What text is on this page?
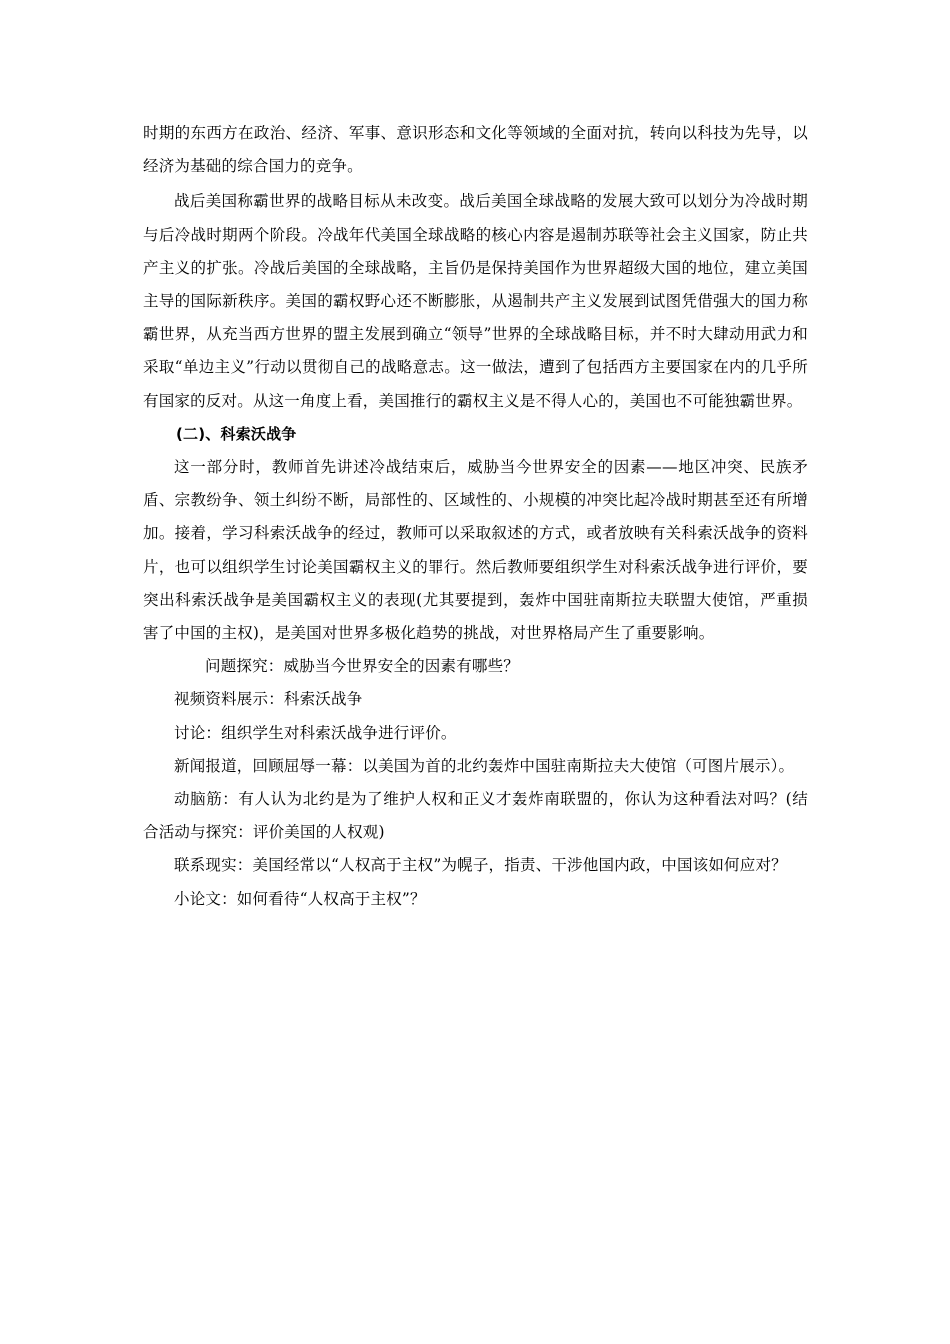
时期的东西方在政治、经济、军事、意识形态和文化等领域的全面对抗，转向以科技为先导，以经济为基础的综合国力的竞争。

战后美国称霸世界的战略目标从未改变。战后美国全球战略的发展大致可以划分为冷战时期与后冷战时期两个阶段。冷战年代美国全球战略的核心内容是遏制苏联等社会主义国家，防止共产主义的扩张。冷战后美国的全球战略，主旨仍是保持美国作为世界超级大国的地位，建立美国主导的国际新秩序。美国的霸权野心还不断膨胀，从遏制共产主义发展到试图凭借强大的国力称霸世界，从充当西方世界的盟主发展到确立“领导”世界的全球战略目标，并不时大肆动用武力和采取“单边主义”行动以贯彻自己的战略意志。这一做法，遭到了包括西方主要国家在内的几乎所有国家的反对。从这一角度上看，美国推行的霸权主义是不得人心的，美国也不可能独霸世界。

(二)、科索沃战争

这一部分时，教师首先讲述冷战结束后，威胁当今世界安全的因素——地区冲突、民族矛盾、宗教纷争、领土纠纷不断，局部性的、区域性的、小规模的冲突比起冷战时期甚至还有所增加。接着，学习科索沃战争的经过，教师可以采取叙述的方式，或者放映有关科索沃战争的资料片，也可以组织学生讨论美国霸权主义的罪行。然后教师要组织学生对科索沃战争进行评价，要突出科索沃战争是美国霸权主义的表现(尤其要提到，轰炸中国驻南斯拉夫联盟大使馆，严重损害了中国的主权)，是美国对世界多极化趋势的挑战，对世界格局产生了重要影响。

问题探究：威胁当今世界安全的因素有哪些？

视频资料展示：科索沃战争

讨论：组织学生对科索沃战争进行评价。

新闻报道，回顾屈辱一幕：以美国为首的北约轰炸中国驻南斯拉夫大使馆（可图片展示）。

动脑筋：有人认为北约是为了维护人权和正义才轰炸南联盟的，你认为这种看法对吗？(结合活动与探究：评价美国的人权观)

联系现实：美国经常以“人权高于主权”为幌子，指责、干涉他国内政，中国该如何应对？

小论文：如何看待“人权高于主权”？
